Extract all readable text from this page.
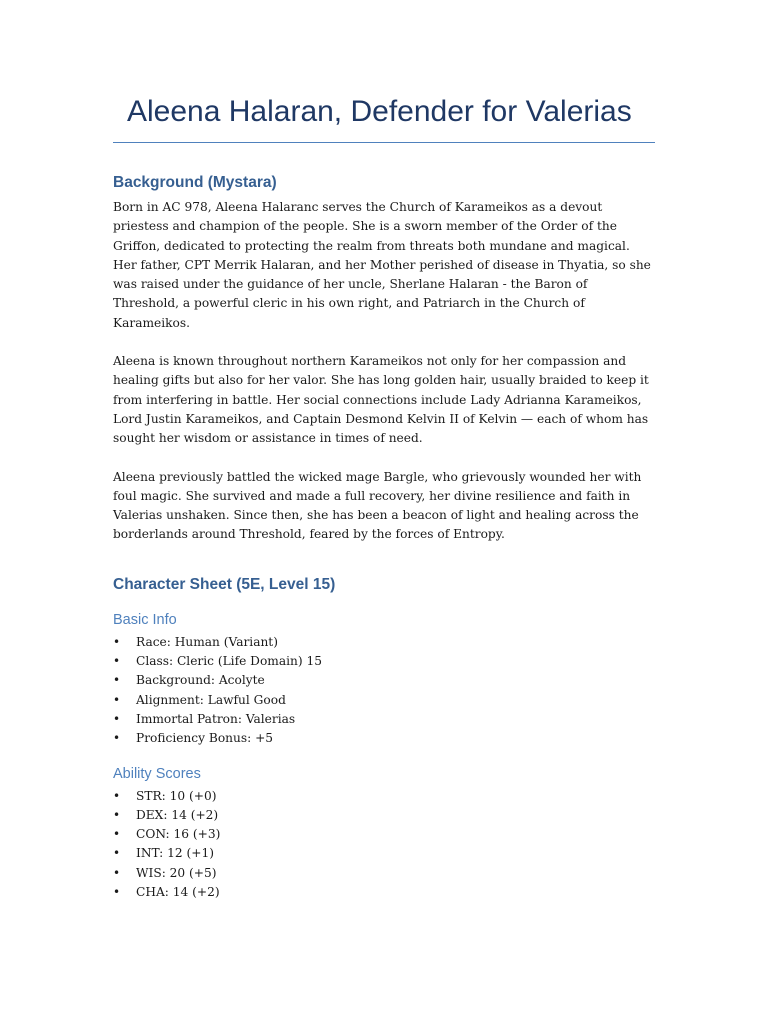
Aleena Halaran, Defender for Valerias
Background (Mystara)

Born in AC 978, Aleena Halaranc serves the Church of Karameikos as a devout priestess and champion of the people. She is a sworn member of the Order of the Griffon, dedicated to protecting the realm from threats both mundane and magical. Her father, CPT Merrik Halaran, and her Mother perished of disease in Thyatia, so she was raised under the guidance of her uncle, Sherlane Halaran - the Baron of Threshold, a powerful cleric in his own right, and Patriarch in the Church of Karameikos.

Aleena is known throughout northern Karameikos not only for her compassion and healing gifts but also for her valor. She has long golden hair, usually braided to keep it from interfering in battle. Her social connections include Lady Adrianna Karameikos, Lord Justin Karameikos, and Captain Desmond Kelvin II of Kelvin — each of whom has sought her wisdom or assistance in times of need.

Aleena previously battled the wicked mage Bargle, who grievously wounded her with foul magic. She survived and made a full recovery, her divine resilience and faith in Valerias unshaken. Since then, she has been a beacon of light and healing across the borderlands around Threshold, feared by the forces of Entropy.

Character Sheet (5E, Level 15)
Basic Info
• Race: Human (Variant)
• Class: Cleric (Life Domain) 15
• Background: Acolyte
• Alignment: Lawful Good
• Immortal Patron: Valerias
• Proficiency Bonus: +5
Ability Scores
• STR: 10 (+0)
• DEX: 14 (+2)
• CON: 16 (+3)
• INT: 12 (+1)
• WIS: 20 (+5)
• CHA: 14 (+2)
